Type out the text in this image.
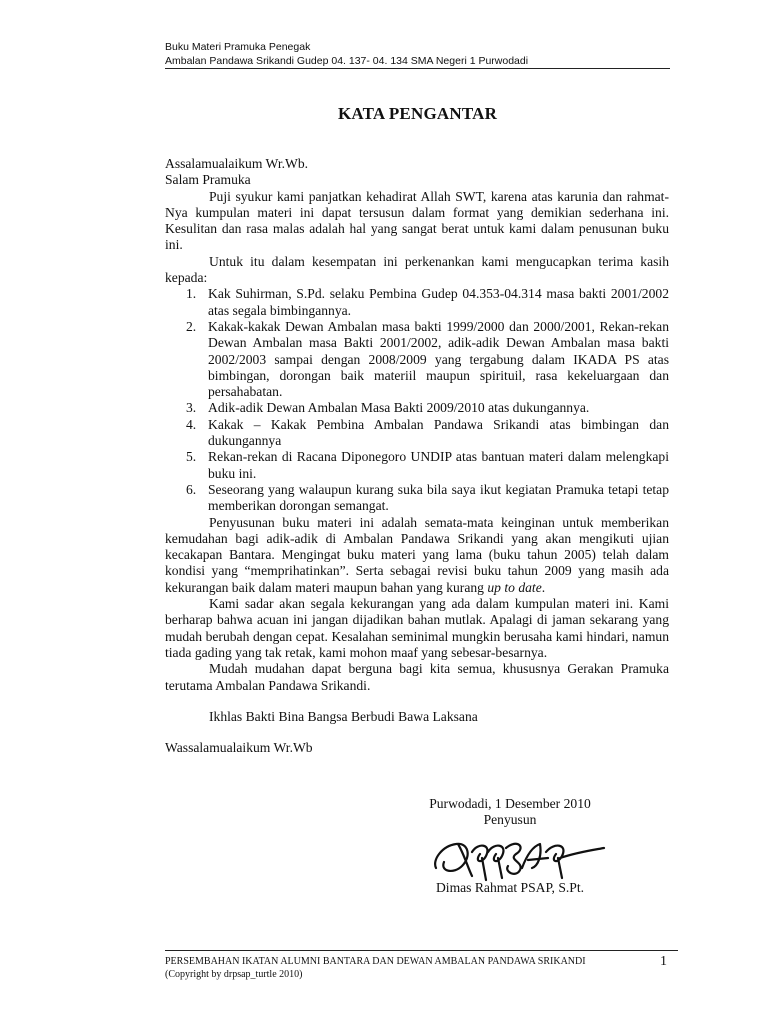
Buku Materi Pramuka Penegak
Ambalan Pandawa Srikandi Gudep 04. 137- 04. 134 SMA Negeri 1 Purwodadi
KATA PENGANTAR

Assalamualaikum Wr.Wb.

Salam Pramuka

Puji syukur kami panjatkan kehadirat Allah SWT, karena atas karunia dan rahmat-Nya kumpulan materi ini dapat tersusun dalam format yang demikian sederhana ini. Kesulitan dan rasa malas adalah hal yang sangat berat untuk kami dalam penusunan buku ini.

Untuk itu dalam kesempatan ini perkenankan kami mengucapkan terima kasih kepada:

1. Kak Suhirman, S.Pd. selaku Pembina Gudep 04.353-04.314 masa bakti 2001/2002 atas segala bimbingannya.
2. Kakak-kakak Dewan Ambalan masa bakti 1999/2000 dan 2000/2001, Rekan-rekan Dewan Ambalan masa Bakti 2001/2002, adik-adik Dewan Ambalan masa bakti 2002/2003 sampai dengan 2008/2009 yang tergabung dalam IKADA PS atas bimbingan, dorongan baik materiil maupun spirituil, rasa kekeluargaan dan persahabatan.
3. Adik-adik Dewan Ambalan Masa Bakti 2009/2010 atas dukungannya.
4. Kakak – Kakak Pembina Ambalan Pandawa Srikandi atas bimbingan dan dukungannya
5. Rekan-rekan di Racana Diponegoro UNDIP atas bantuan materi dalam melengkapi buku ini.
6. Seseorang yang walaupun kurang suka bila saya ikut kegiatan Pramuka tetapi tetap memberikan dorongan semangat.

Penyusunan buku materi ini adalah semata-mata keinginan untuk memberikan kemudahan bagi adik-adik di Ambalan Pandawa Srikandi yang akan mengikuti ujian kecakapan Bantara. Mengingat buku materi yang lama (buku tahun 2005) telah dalam kondisi yang “memprihatinkan”. Serta sebagai revisi buku tahun 2009 yang masih ada kekurangan baik dalam materi maupun bahan yang kurang up to date.

Kami sadar akan segala kekurangan yang ada dalam kumpulan materi ini. Kami berharap bahwa acuan ini jangan dijadikan bahan mutlak. Apalagi di jaman sekarang yang mudah berubah dengan cepat. Kesalahan seminimal mungkin berusaha kami hindari, namun tiada gading yang tak retak, kami mohon maaf yang sebesar-besarnya.

Mudah mudahan dapat berguna bagi kita semua, khususnya Gerakan Pramuka terutama Ambalan Pandawa Srikandi.

Ikhlas Bakti Bina Bangsa Berbudi Bawa Laksana

Wassalamualaikum Wr.Wb

Purwodadi, 1 Desember 2010
Penyusun
Dimas Rahmat PSAP, S.Pt.
PERSEMBAHAN IKATAN ALUMNI BANTARA DAN DEWAN AMBALAN PANDAWA SRIKANDI
(Copyright by drpsap_turtle 2010)
1
